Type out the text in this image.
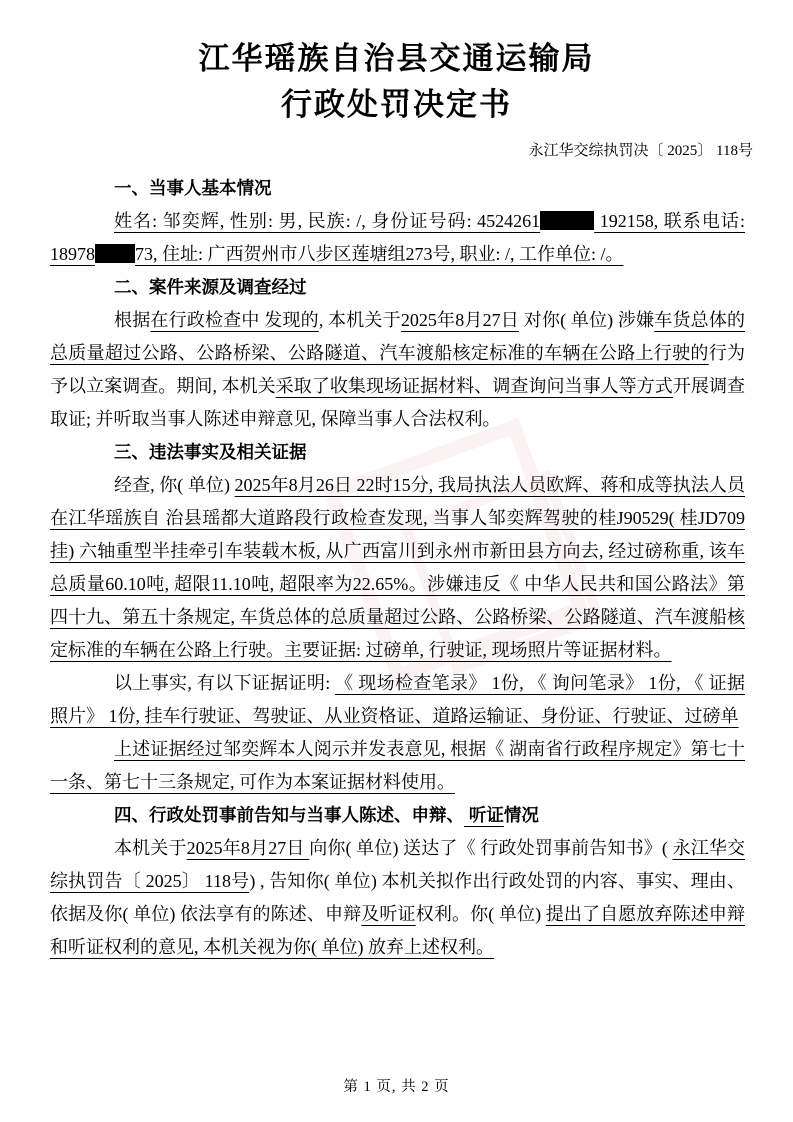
江华瑶族自治县交通运输局
行政处罚决定书
永江华交综执罚决〔 2025〕 118号
一、当事人基本情况
姓名: 邹奕辉, 性别: 男, 民族: /, 身份证号码: 4524261	192158, 联系电话: 18978 73, 住址: 广西贺州市八步区莲塘组273号, 职业: /, 工作单位: /。
二、案件来源及调查经过
根据在行政检查中 发现的, 本机关于2025年8月27日 对你( 单位) 涉嫌车货总体的总质量超过公路、公路桥梁、公路隧道、汽车渡船核定标准的车辆在公路上行驶的行为予以立案调查。期间, 本机关采取了收集现场证据材料、调查询问当事人等方式开展调查取证; 并听取当事人陈述申辩意见, 保障当事人合法权利。
三、违法事实及相关证据
经查, 你( 单位) 2025年8月26日 22时15分, 我局执法人员欧辉、蒋和成等执法人员在江华瑶族自 治县瑶都大道路段行政检查发现, 当事人邹奕辉驾驶的桂J90529( 桂JD709挂) 六轴重型半挂牵引车装载木板, 从广西富川到永州市新田县方向去, 经过磅称重, 该车总质量60.10吨, 超限11.10吨, 超限率为22.65%。涉嫌违反《 中华人民共和国公路法》第四十九、第五十条规定, 车货总体的总质量超过公路、公路桥梁、公路隧道、汽车渡船核定标准的车辆在公路上行驶。主要证据: 过磅单, 行驶证, 现场照片等证据材料。
以上事实, 有以下证据证明: 《 现场检查笔录》 1份, 《 询问笔录》 1份, 《 证据照片》 1份, 挂车行驶证、驾驶证、从业资格证、道路运输证、身份证、行驶证、过磅单
上述证据经过邹奕辉本人阅示并发表意见, 根据《 湖南省行政程序规定》第七十一条、第七十三条规定, 可作为本案证据材料使用。
四、行政处罚事前告知与当事人陈述、申辩、 听证情况
本机关于2025年8月27日 向你( 单位) 送达了《 行政处罚事前告知书》( 永江华交综执罚告〔 2025〕 118号) , 告知你( 单位) 本机关拟作出行政处罚的内容、事实、理由、依据及你( 单位) 依法享有的陈述、申辩及听证权利。你( 单位) 提出了自愿放弃陈述申辩和听证权利的意见, 本机关视为你( 单位) 放弃上述权利。
第 1 页, 共 2 页
